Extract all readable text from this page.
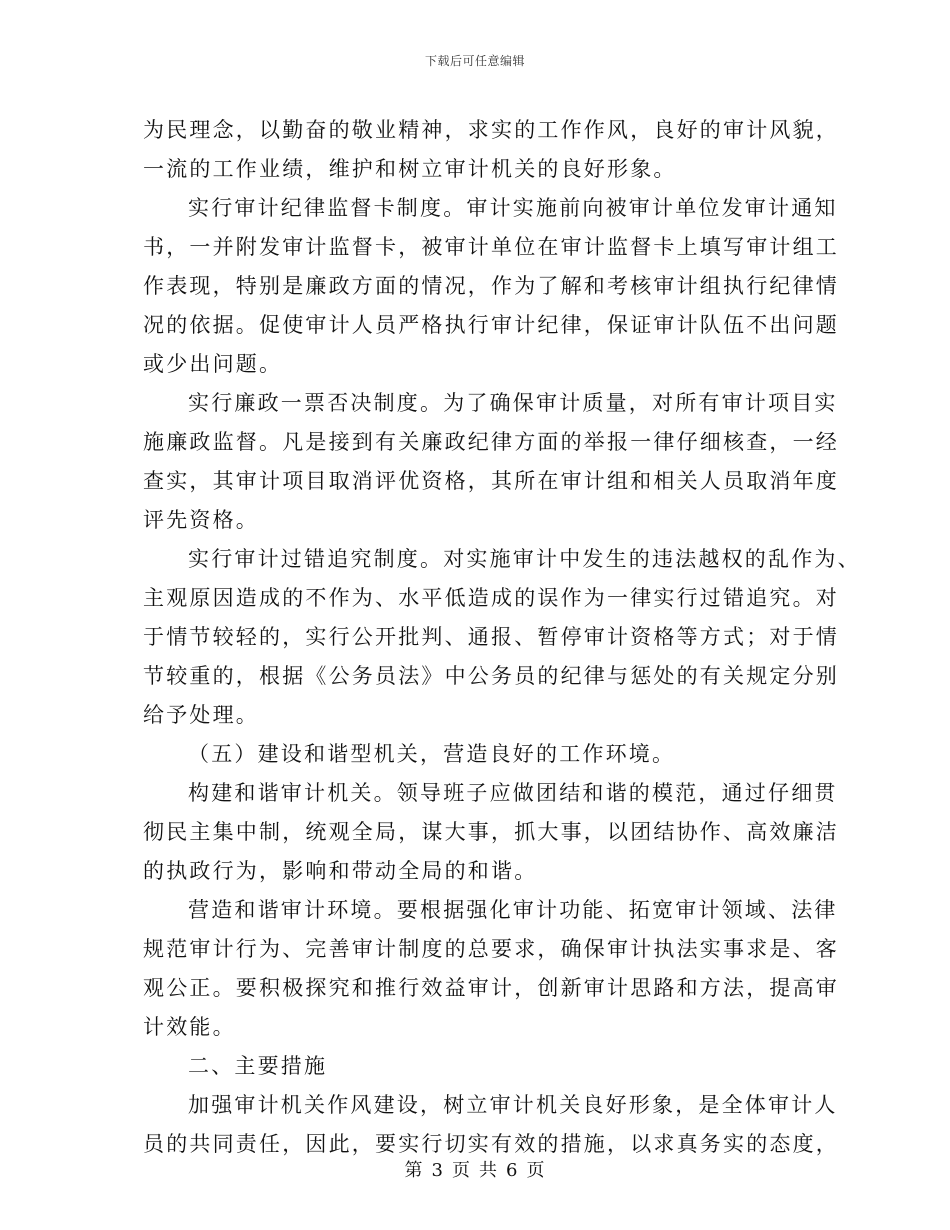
下载后可任意编辑
为民理念，以勤奋的敬业精神，求实的工作作风，良好的审计风貌，
一流的工作业绩，维护和树立审计机关的良好形象。
实行审计纪律监督卡制度。审计实施前向被审计单位发审计通知
书，一并附发审计监督卡，被审计单位在审计监督卡上填写审计组工
作表现，特别是廉政方面的情况，作为了解和考核审计组执行纪律情
况的依据。促使审计人员严格执行审计纪律，保证审计队伍不出问题
或少出问题。
实行廉政一票否决制度。为了确保审计质量，对所有审计项目实
施廉政监督。凡是接到有关廉政纪律方面的举报一律仔细核查，一经
查实，其审计项目取消评优资格，其所在审计组和相关人员取消年度
评先资格。
实行审计过错追究制度。对实施审计中发生的违法越权的乱作为、
主观原因造成的不作为、水平低造成的误作为一律实行过错追究。对
于情节较轻的，实行公开批判、通报、暂停审计资格等方式；对于情
节较重的，根据《公务员法》中公务员的纪律与惩处的有关规定分别
给予处理。
（五）建设和谐型机关，营造良好的工作环境。
构建和谐审计机关。领导班子应做团结和谐的模范，通过仔细贯
彻民主集中制，统观全局，谋大事，抓大事，以团结协作、高效廉洁
的执政行为，影响和带动全局的和谐。
营造和谐审计环境。要根据强化审计功能、拓宽审计领域、法律
规范审计行为、完善审计制度的总要求，确保审计执法实事求是、客
观公正。要积极探究和推行效益审计，创新审计思路和方法，提高审
计效能。
二、主要措施
加强审计机关作风建设，树立审计机关良好形象，是全体审计人
员的共同责任，因此，要实行切实有效的措施，以求真务实的态度，
第 3 页 共 6 页
